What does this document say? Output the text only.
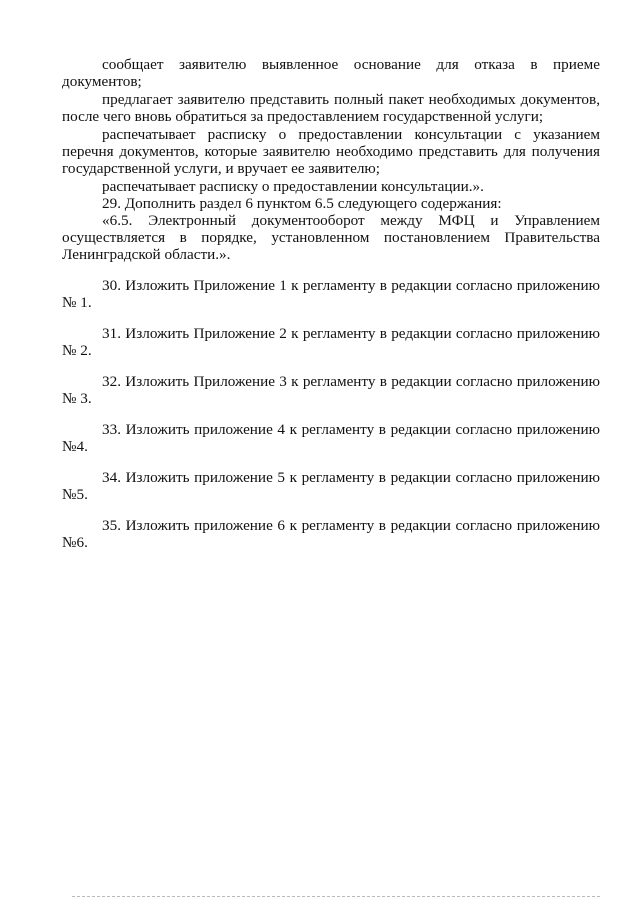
сообщает заявителю выявленное основание для отказа в приеме документов;

предлагает заявителю представить полный пакет необходимых документов, после чего вновь обратиться за предоставлением государственной услуги;

распечатывает расписку о предоставлении консультации с указанием перечня документов, которые заявителю необходимо представить для получения государственной услуги, и вручает ее заявителю;

распечатывает расписку о предоставлении консультации.».

29. Дополнить раздел 6 пунктом 6.5 следующего содержания:

«6.5. Электронный документооборот между МФЦ и Управлением осуществляется в порядке, установленном постановлением Правительства Ленинградской области.».

30. Изложить Приложение 1 к регламенту в редакции согласно приложению № 1.

31. Изложить Приложение 2 к регламенту в редакции согласно приложению № 2.

32. Изложить Приложение 3 к регламенту в редакции согласно приложению № 3.

33. Изложить приложение 4 к регламенту в редакции согласно приложению №4.

34. Изложить приложение 5 к регламенту в редакции согласно приложению №5.

35. Изложить приложение 6 к регламенту в редакции согласно приложению №6.
